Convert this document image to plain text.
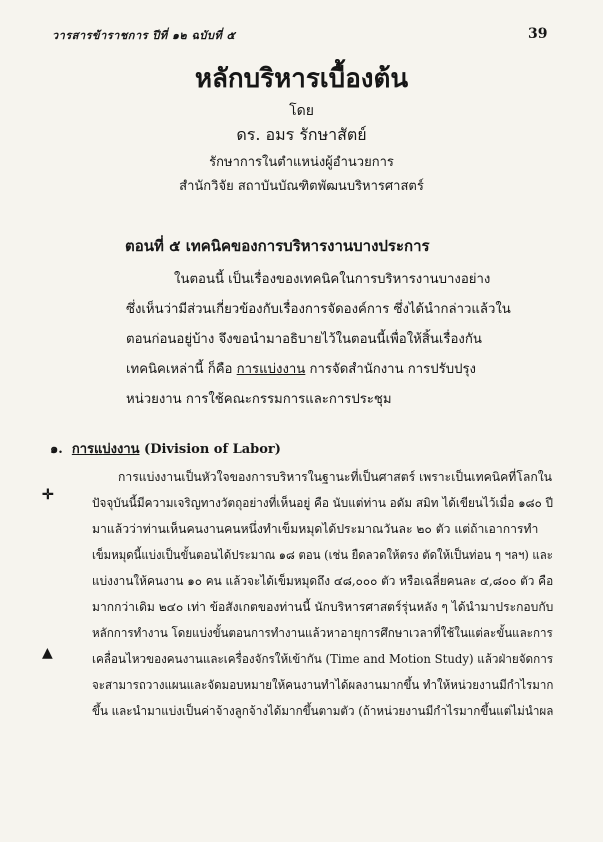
วารสารข้าราชการ ปีที่ ๑๒ ฉบับที่ ๕	39
หลักบริหารเบื้องต้น
โดย
ดร. อมร รักษาสัตย์
รักษาการในตำแหน่งผู้อำนวยการ
สำนักวิจัย สถาบันบัณฑิตพัฒนบริหารศาสตร์
ตอนที่ ๕ เทคนิคของการบริหารงานบางประการ
ในตอนนี้ เป็นเรื่องของเทคนิคในการบริหารงานบางอย่าง
ซึ่งเห็นว่ามีส่วนเกี่ยวข้องกับเรื่องการจัดองค์การ ซึ่งได้นำกล่าวแล้วใน
ตอนก่อนอยู่บ้าง จึงขอนำมาอธิบายไว้ในตอนนี้เพื่อให้สิ้นเรื่องกัน
เทคนิคเหล่านี้ ก็คือ การแบ่งงาน การจัดสำนักงาน การปรับปรุง
หน่วยงาน การใช้คณะกรรมการและการประชุม
๑. การแบ่งงาน (Division of Labor)
การแบ่งงานเป็นหัวใจของการบริหารในฐานะที่เป็นศาสตร์ เพราะเป็นเทคนิคที่โลกใน
✛	ปัจจุบันนี้มีความเจริญทางวัตถุอย่างที่เห็นอยู่ คือ นับแต่ท่าน อดัม สมิท ได้เขียนไว้เมื่อ ๑๘๐ ปี
มาแล้วว่าท่านเห็นคนงานคนหนึ่งทำเข็มหมุดได้ประมาณวันละ ๒๐ ตัว แต่ถ้าเอาการทำ
เข็มหมุดนี้แบ่งเป็นขั้นตอนได้ประมาณ ๑๘ ตอน (เช่น ยืดลวดให้ตรง ตัดให้เป็นท่อน ๆ ฯลฯ) และ
แบ่งงานให้คนงาน ๑๐ คน แล้วจะได้เข็มหมุดถึง ๔๘,๐๐๐ ตัว หรือเฉลี่ยคนละ ๔,๘๐๐ ตัว คือ
มากกว่าเดิม ๒๔๐ เท่า ข้อสังเกตของท่านนี้ นักบริหารศาสตร์รุ่นหลัง ๆ ได้นำมาประกอบกับ
หลักการทำงาน โดยแบ่งขั้นตอนการทำงานแล้วหาอายุการศึกษาเวลาที่ใช้ในแต่ละขั้นและการ
▲	เคลื่อนไหวของคนงานและเครื่องจักรให้เข้ากัน (Time and Motion Study) แล้วฝ่ายจัดการ
จะสามารถวางแผนและจัดมอบหมายให้คนงานทำได้ผลงานมากขึ้น ทำให้หน่วยงานมีกำไรมาก
ขึ้น และนำมาแบ่งเป็นค่าจ้างลูกจ้างได้มากขึ้นตามตัว (ถ้าหน่วยงานมีกำไรมากขึ้นแต่ไม่นำผล
